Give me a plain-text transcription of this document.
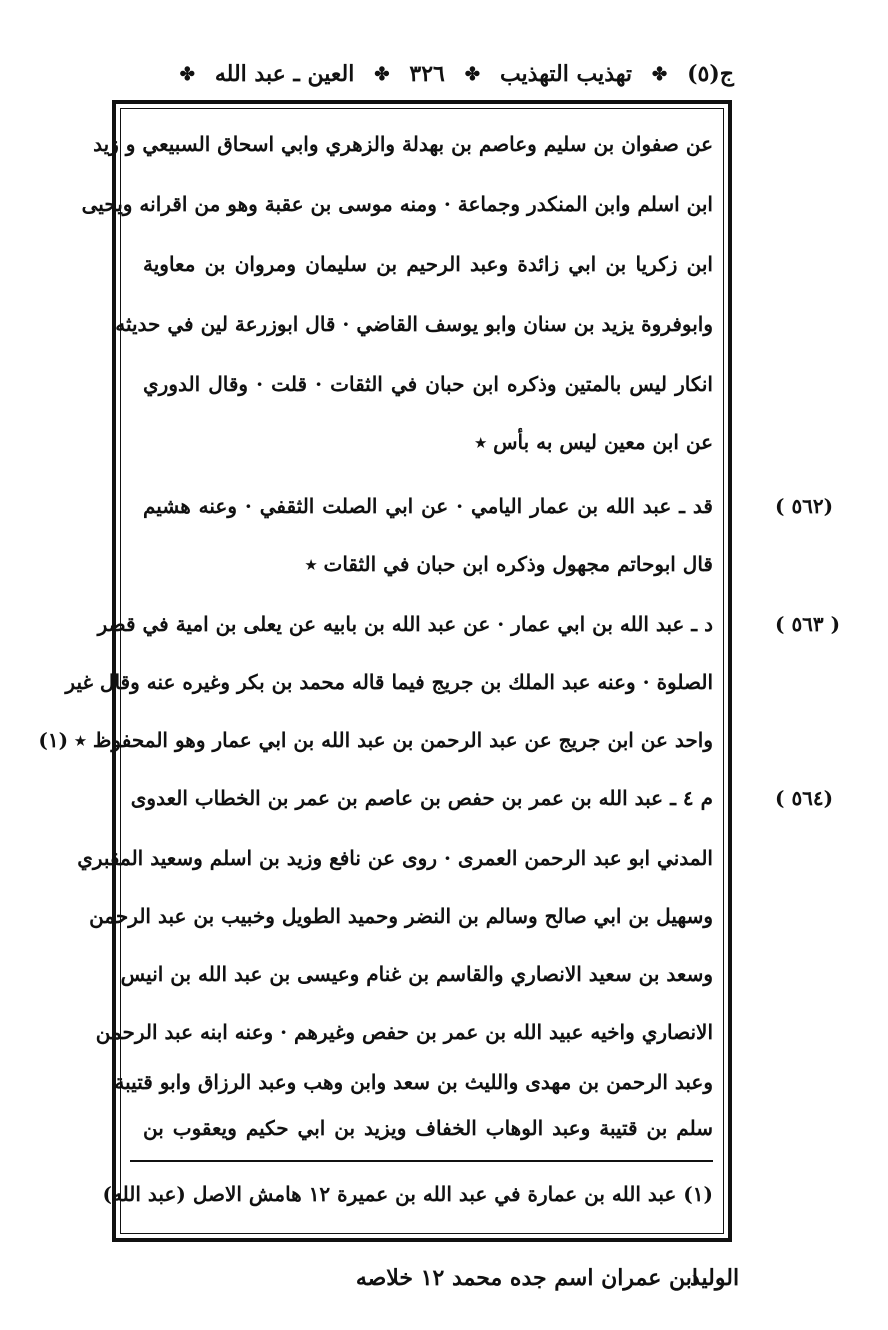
ج(٥)
✤
تهذيب التهذيب
✤
٣٢٦
✤
العين ـ عبد الله
✤
عن صفوان بن سليم وعاصم بن بهدلة والزهري وابي اسحاق السبيعي و زيد
ابن اسلم وابن المنكدر وجماعة · ومنه موسى بن عقبة وهو من اقرانه ويحيى
ابن زكريا بن ابي زائدة وعبد الرحيم بن سليمان ومروان بن معاوية
وابوفروة يزيد بن سنان وابو يوسف القاضي · قال ابوزرعة لين في حديثه
انكار ليس بالمتين وذكره ابن حبان في الثقات · قلت · وقال الدوري
عن ابن معين ليس به بأس ٭
( ٥٦٢)
قد ـ عبد الله بن عمار اليامي · عن ابي الصلت الثقفي · وعنه هشيم
قال ابوحاتم مجهول وذكره ابن حبان في الثقات ٭
( ٥٦٣ )
د ـ عبد الله بن ابي عمار · عن عبد الله بن بابيه عن يعلى بن امية في قصر
الصلوة · وعنه عبد الملك بن جريج فيما قاله محمد بن بكر وغيره عنه وقال غير
واحد عن ابن جريج عن عبد الرحمن بن عبد الله بن ابي عمار وهو المحفوظ ٭ (١)
( ٥٦٤)
م ٤ ـ عبد الله بن عمر بن حفص بن عاصم بن عمر بن الخطاب العدوى
المدني ابو عبد الرحمن العمرى · روى عن نافع وزيد بن اسلم وسعيد المقبري
وسهيل بن ابي صالح وسالم بن النضر وحميد الطويل وخبيب بن عبد الرحمن
وسعد بن سعيد الانصاري والقاسم بن غنام وعيسى بن عبد الله بن انيس
الانصاري واخيه عبيد الله بن عمر بن حفص وغيرهم · وعنه ابنه عبد الرحمن
وعبد الرحمن بن مهدى والليث بن سعد وابن وهب وعبد الرزاق وابو قتيبة
(١) عبد الله بن عمارة في عبد الله بن عميرة ١٢ هامش الاصل (عبد الله)
ابن عمران اسم جده محمد ١٢ خلاصه
الوليد
سلم بن قتيبة وعبد الوهاب الخفاف ويزيد بن ابي حكيم ويعقوب بن
